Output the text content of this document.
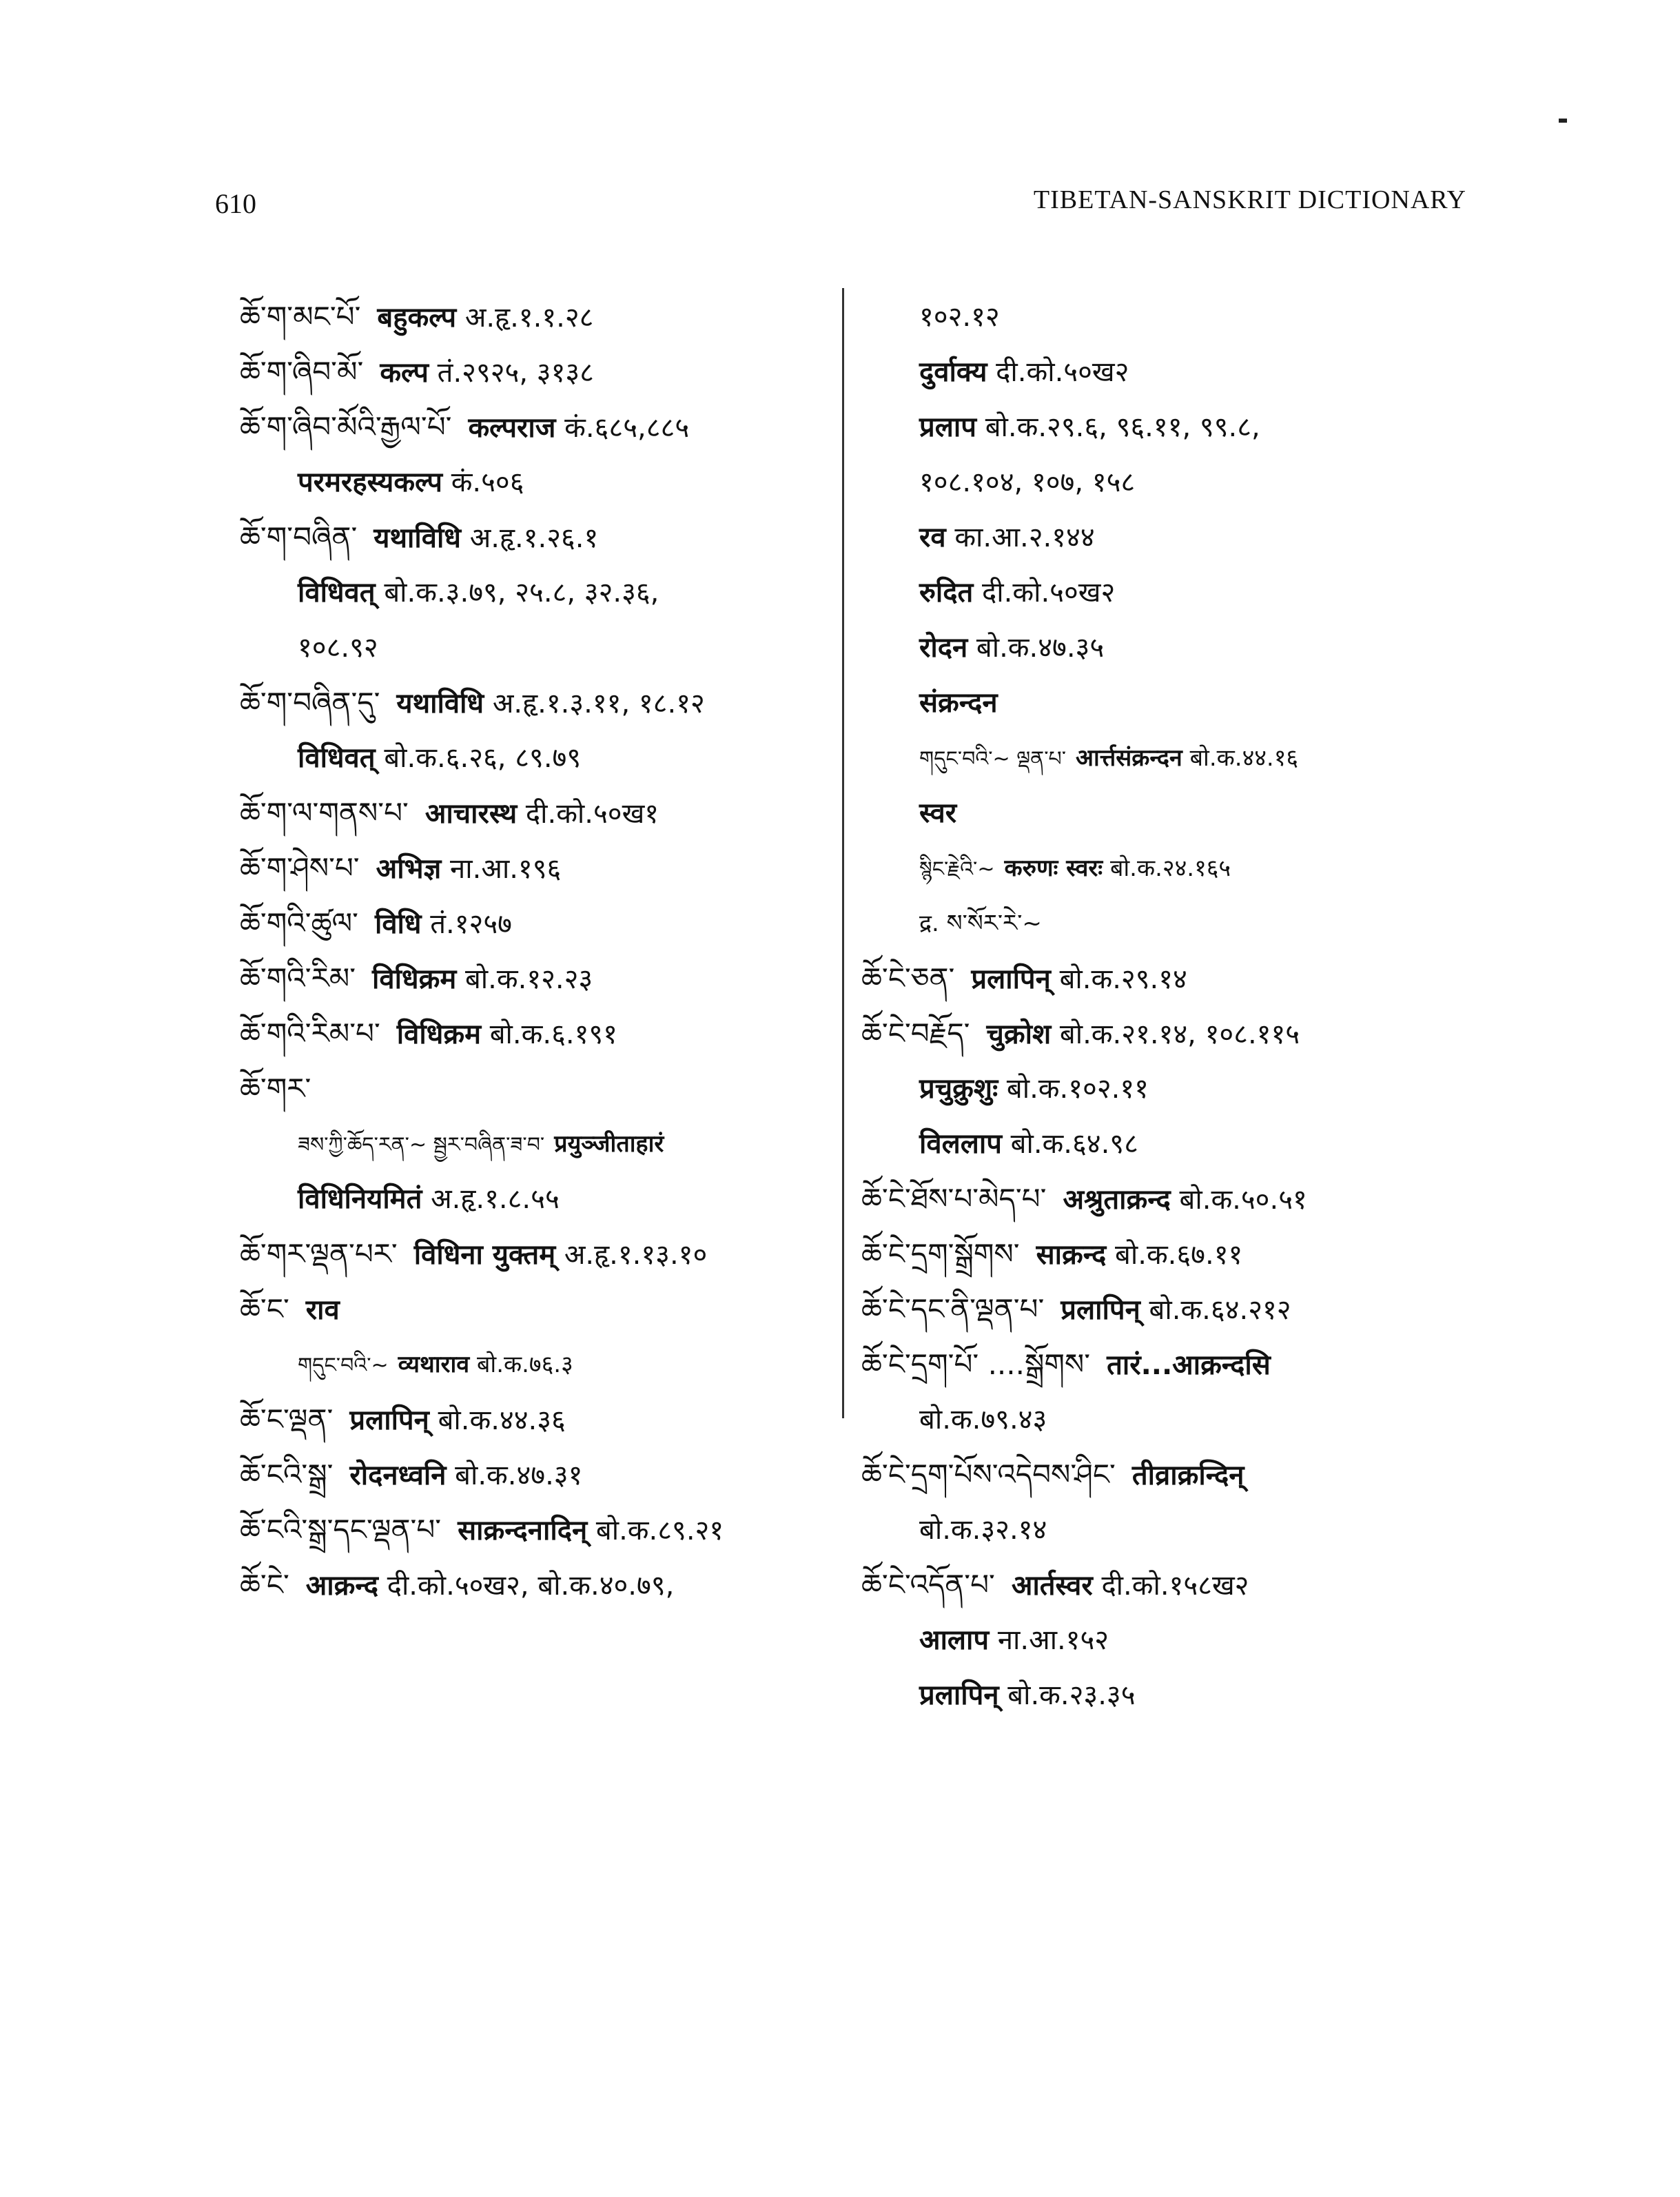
610	TIBETAN-SANSKRIT DICTIONARY
ཆོ་ག་མང་པོ་ बहुकल्प अ.हृ.१.१.२८
ཆོ་ག་ཞིབ་མོ་ कल्प तं.२९२५, ३१३८
ཆོ་ག་ཞིབ་མོའི་རྒྱལ་པོ་ कल्पराज कं.६८५,८८५
परमरहस्यकल्प कं.५०६
ཆོ་ག་བཞིན་ यथाविधि अ.हृ.१.२६.१
विधिवत् बो.क.३.७९, २५.८, ३२.३६,
१०८.९२
ཆོ་ག་བཞིན་དུ་ यथाविधि अ.हृ.१.३.११, १८.१२
विधिवत् बो.क.६.२६, ८९.७९
ཆོ་ག་ལ་གནས་པ་ आचारस्थ दी.को.५०ख१
ཆོ་ག་ཤེས་པ་ अभिज्ञ ना.आ.१९६
ཆོ་གའི་ཚུལ་ विधि तं.१२५७
ཆོ་གའི་རིམ་ विधिक्रम बो.क.१२.२३
ཆོ་གའི་རིམ་པ་ विधिक्रम बो.क.६.१९१
ཆོ་གར་
ཟས་ཀྱི་ཆོད་རན་~ སྦྱར་བཞིན་ཟ་བ་ प्रयुञ्जीताहारं
विधिनियमितं अ.हृ.१.८.५५
ཆོ་གར་ལྡན་པར་ विधिना युक्तम् अ.हृ.१.१३.१०
ཆོ་ང་ राव
གདུང་བའི་~ व्यथाराव बो.क.७६.३
ཆོ་ང་ལྡན་ प्रलापिन् बो.क.४४.३६
ཆོ་ངའི་སྒྲ་ रोदनध्वनि बो.क.४७.३१
ཆོ་ངའི་སྒྲ་དང་ལྡན་པ་ साक्रन्दनादिन् बो.क.८९.२१
ཆོ་ངེ་ आक्रन्द दी.को.५०ख२, बो.क.४०.७९,
१०२.१२
दुर्वाक्य दी.को.५०ख२
प्रलाप बो.क.२९.६, ९६.११, ९९.८,
१०८.१०४, १०७, १५८
रव का.आ.२.१४४
रुदित दी.को.५०ख२
रोदन बो.क.४७.३५
संक्रन्दन
གདུང་བའི་~ ལྡན་པ་ आर्त्तसंक्रन्दन बो.क.४४.१६
स्वर
སྙིང་རྗེའི་~ करुणः स्वरः बो.क.२४.१६५
द्र. ས་སོར་རེ་~
ཆོ་ངེ་ཅན་ प्रलापिन् बो.क.२९.१४
ཆོ་ངེ་བརྗོད་ चुक्रोश बो.क.२१.१४, १०८.११५
प्रचुक्रुशुः बो.क.१०२.११
विललाप बो.क.६४.९८
ཆོ་ངེ་ཐོས་པ་མེད་པ་ अश्रुताक्रन्द बो.क.५०.५१
ཆོ་ངེ་དྲག་སྒྲོགས་ साक्रन्द बो.क.६७.११
ཆོ་ངེ་དང་ནི་ལྡན་པ་ प्रलापिन् बो.क.६४.२१२
ཆོ་ངེ་དྲག་པོ་ ....སྒྲོགས་ तारं...आक्रन्दसि
बो.क.७९.४३
ཆོ་ངེ་དྲག་པོས་འདེབས་ཤིང་ तीव्राक्रन्दिन्
बो.क.३२.१४
ཆོ་ངེ་འདོན་པ་ आर्तस्वर दी.को.१५८ख२
आलाप ना.आ.१५२
प्रलापिन् बो.क.२३.३५
